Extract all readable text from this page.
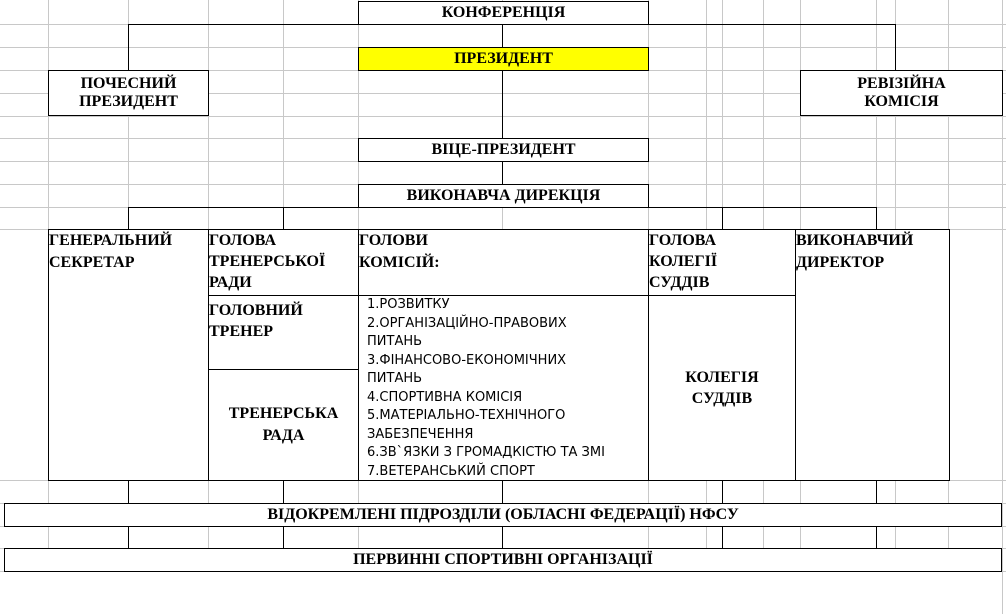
КОНФЕРЕНЦІЯ
ПРЕЗИДЕНТ
ПОЧЕСНИЙ
ПРЕЗИДЕНТ
РЕВІЗІЙНА
КОМІСІЯ
ВІЦЕ-ПРЕЗИДЕНТ
ВИКОНАВЧА ДИРЕКЦІЯ
ГЕНЕРАЛЬНИЙ
СЕКРЕТАР
ГОЛОВА
ТРЕНЕРСЬКОЇ
РАДИ
ГОЛОВНИЙ
ТРЕНЕР
ТРЕНЕРСЬКА
РАДА
ГОЛОВИ
КОМІСІЙ:
1.РОЗВИТКУ
2.ОРГАНІЗАЦІЙНО-ПРАВОВИХ
ПИТАНЬ
3.ФІНАНСОВО-ЕКОНОМІЧНИХ
ПИТАНЬ
4.СПОРТИВНА КОМІСІЯ
5.МАТЕРІАЛЬНО-ТЕХНІЧНОГО
ЗАБЕЗПЕЧЕННЯ
6.ЗВ`ЯЗКИ З ГРОМАДКІСТЮ ТА ЗМІ
7.ВЕТЕРАНСЬКИЙ СПОРТ
ГОЛОВА
КОЛЕГІЇ
СУДДІВ
КОЛЕГІЯ
СУДДІВ
ВИКОНАВЧИЙ
ДИРЕКТОР
ВІДОКРЕМЛЕНІ ПІДРОЗДІЛИ (ОБЛАСНІ ФЕДЕРАЦІЇ) НФСУ
ПЕРВИННІ СПОРТИВНІ ОРГАНІЗАЦІЇ
